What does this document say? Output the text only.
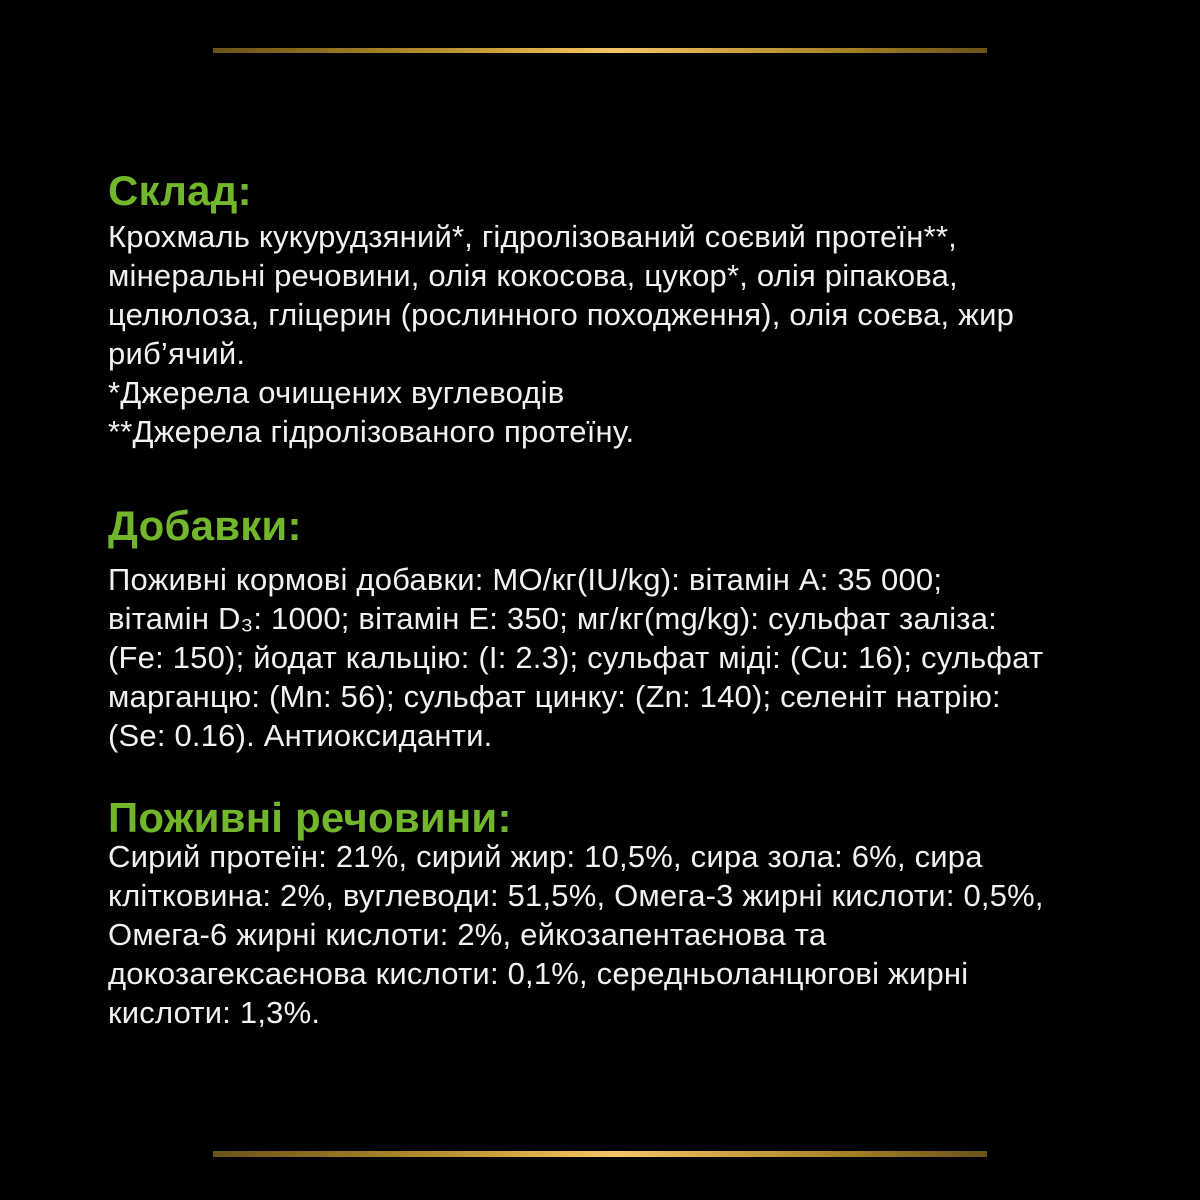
Склад:
Крохмаль кукурудзяний*, гідролізований соєвий протеїн**,
мінеральні речовини, олія кокосова, цукор*, олія ріпакова,
целюлоза, гліцерин (рослинного походження), олія соєва, жир
риб’ячий.
*Джерела очищених вуглеводів
**Джерела гідролізованого протеїну.
Добавки:
Поживні кормові добавки: МО/кг(IU/kg): вітамін A: 35 000;
вітамін D₃: 1000; вітамін E: 350; мг/кг(mg/kg): сульфат заліза:
(Fe: 150); йодат кальцію: (I: 2.3); сульфат міді: (Cu: 16); сульфат
марганцю: (Mn: 56); сульфат цинку: (Zn: 140); селеніт натрію:
(Se: 0.16). Антиоксиданти.
Поживні речовини:
Сирий протеїн: 21%, сирий жир: 10,5%, сира зола: 6%, сира
клітковина: 2%, вуглеводи: 51,5%, Омега-3 жирні кислоти: 0,5%,
Омега-6 жирні кислоти: 2%, ейкозапентаєнова та
докозагексаєнова кислоти: 0,1%, середньоланцюгові жирні
кислоти: 1,3%.
